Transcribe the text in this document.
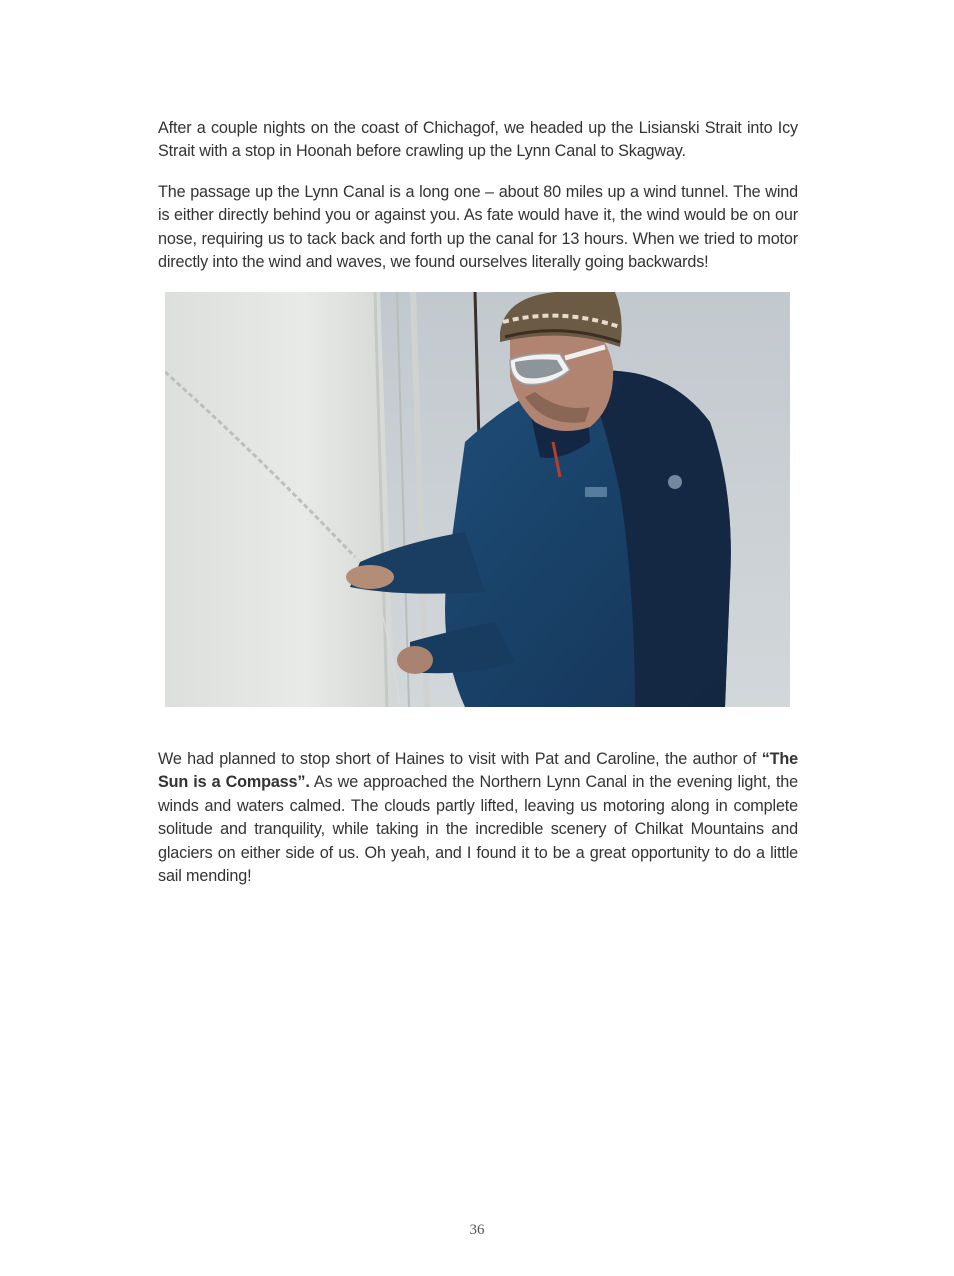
After a couple nights on the coast of Chichagof, we headed up the Lisianski Strait into Icy Strait with a stop in Hoonah before crawling up the Lynn Canal to Skagway.

The passage up the Lynn Canal is a long one – about 80 miles up a wind tunnel. The wind is either directly behind you or against you. As fate would have it, the wind would be on our nose, requiring us to tack back and forth up the canal for 13 hours. When we tried to motor directly into the wind and waves, we found ourselves literally going backwards!

We had planned to stop short of Haines to visit with Pat and Caroline, the author of “The Sun is a Compass”. As we approached the Northern Lynn Canal in the evening light, the winds and waters calmed. The clouds partly lifted, leaving us motoring along in complete solitude and tranquility, while taking in the incredible scenery of Chilkat Mountains and glaciers on either side of us. Oh yeah, and I found it to be a great opportunity to do a little sail mending!

36
